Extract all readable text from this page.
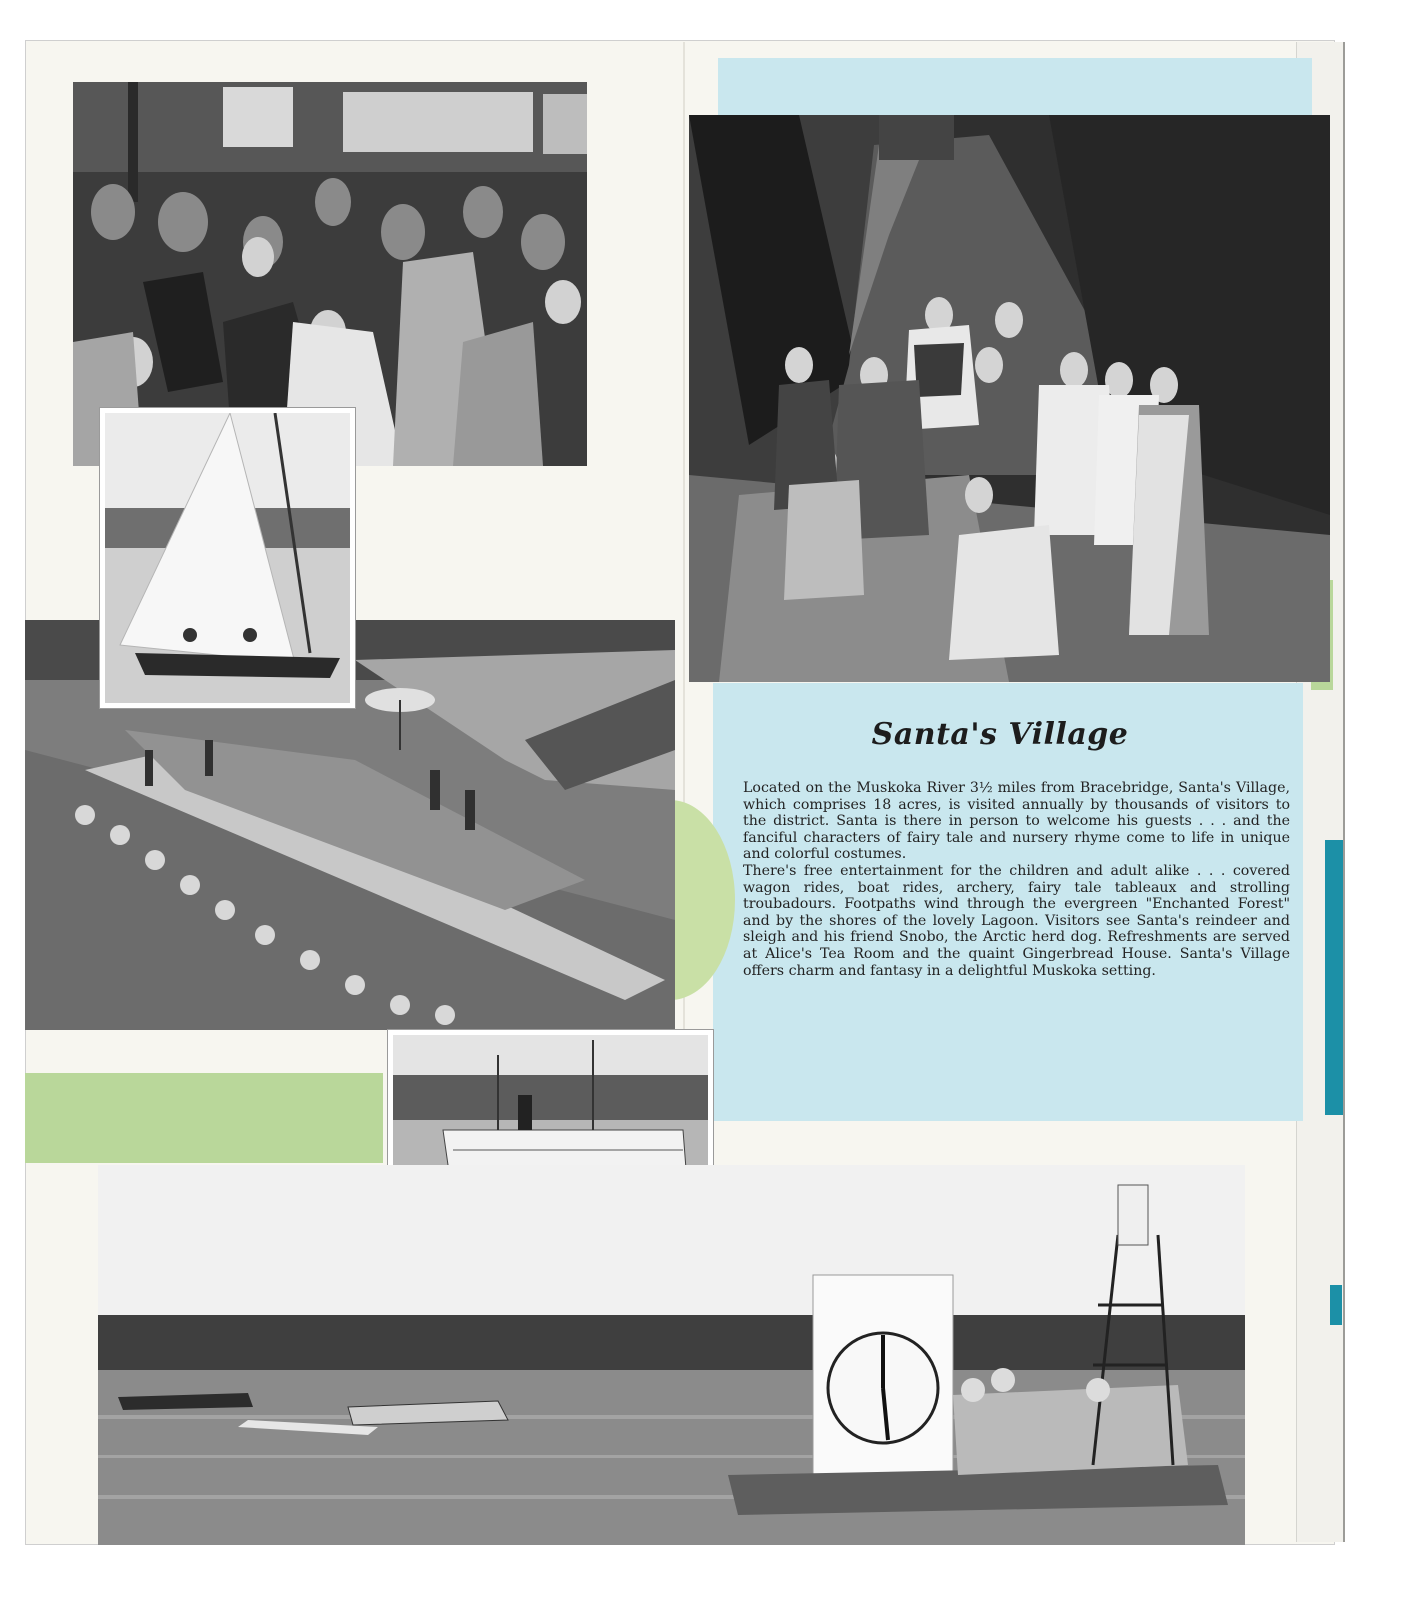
Santa's Village

Located on the Muskoka River 3½ miles from Bracebridge, Santa's Village, which comprises 18 acres, is visited annually by thousands of visitors to the district. Santa is there in person to welcome his guests . . . and the fanciful characters of fairy tale and nursery rhyme come to life in unique and colorful costumes.

There's free entertainment for the children and adult alike . . . covered wagon rides, boat rides, archery, fairy tale tableaux and strolling troubadours. Footpaths wind through the evergreen "Enchanted Forest" and by the shores of the lovely Lagoon. Visitors see Santa's reindeer and sleigh and his friend Snobo, the Arctic herd dog. Refreshments are served at Alice's Tea Room and the quaint Gingerbread House. Santa's Village offers charm and fantasy in a delightful Muskoka setting.
